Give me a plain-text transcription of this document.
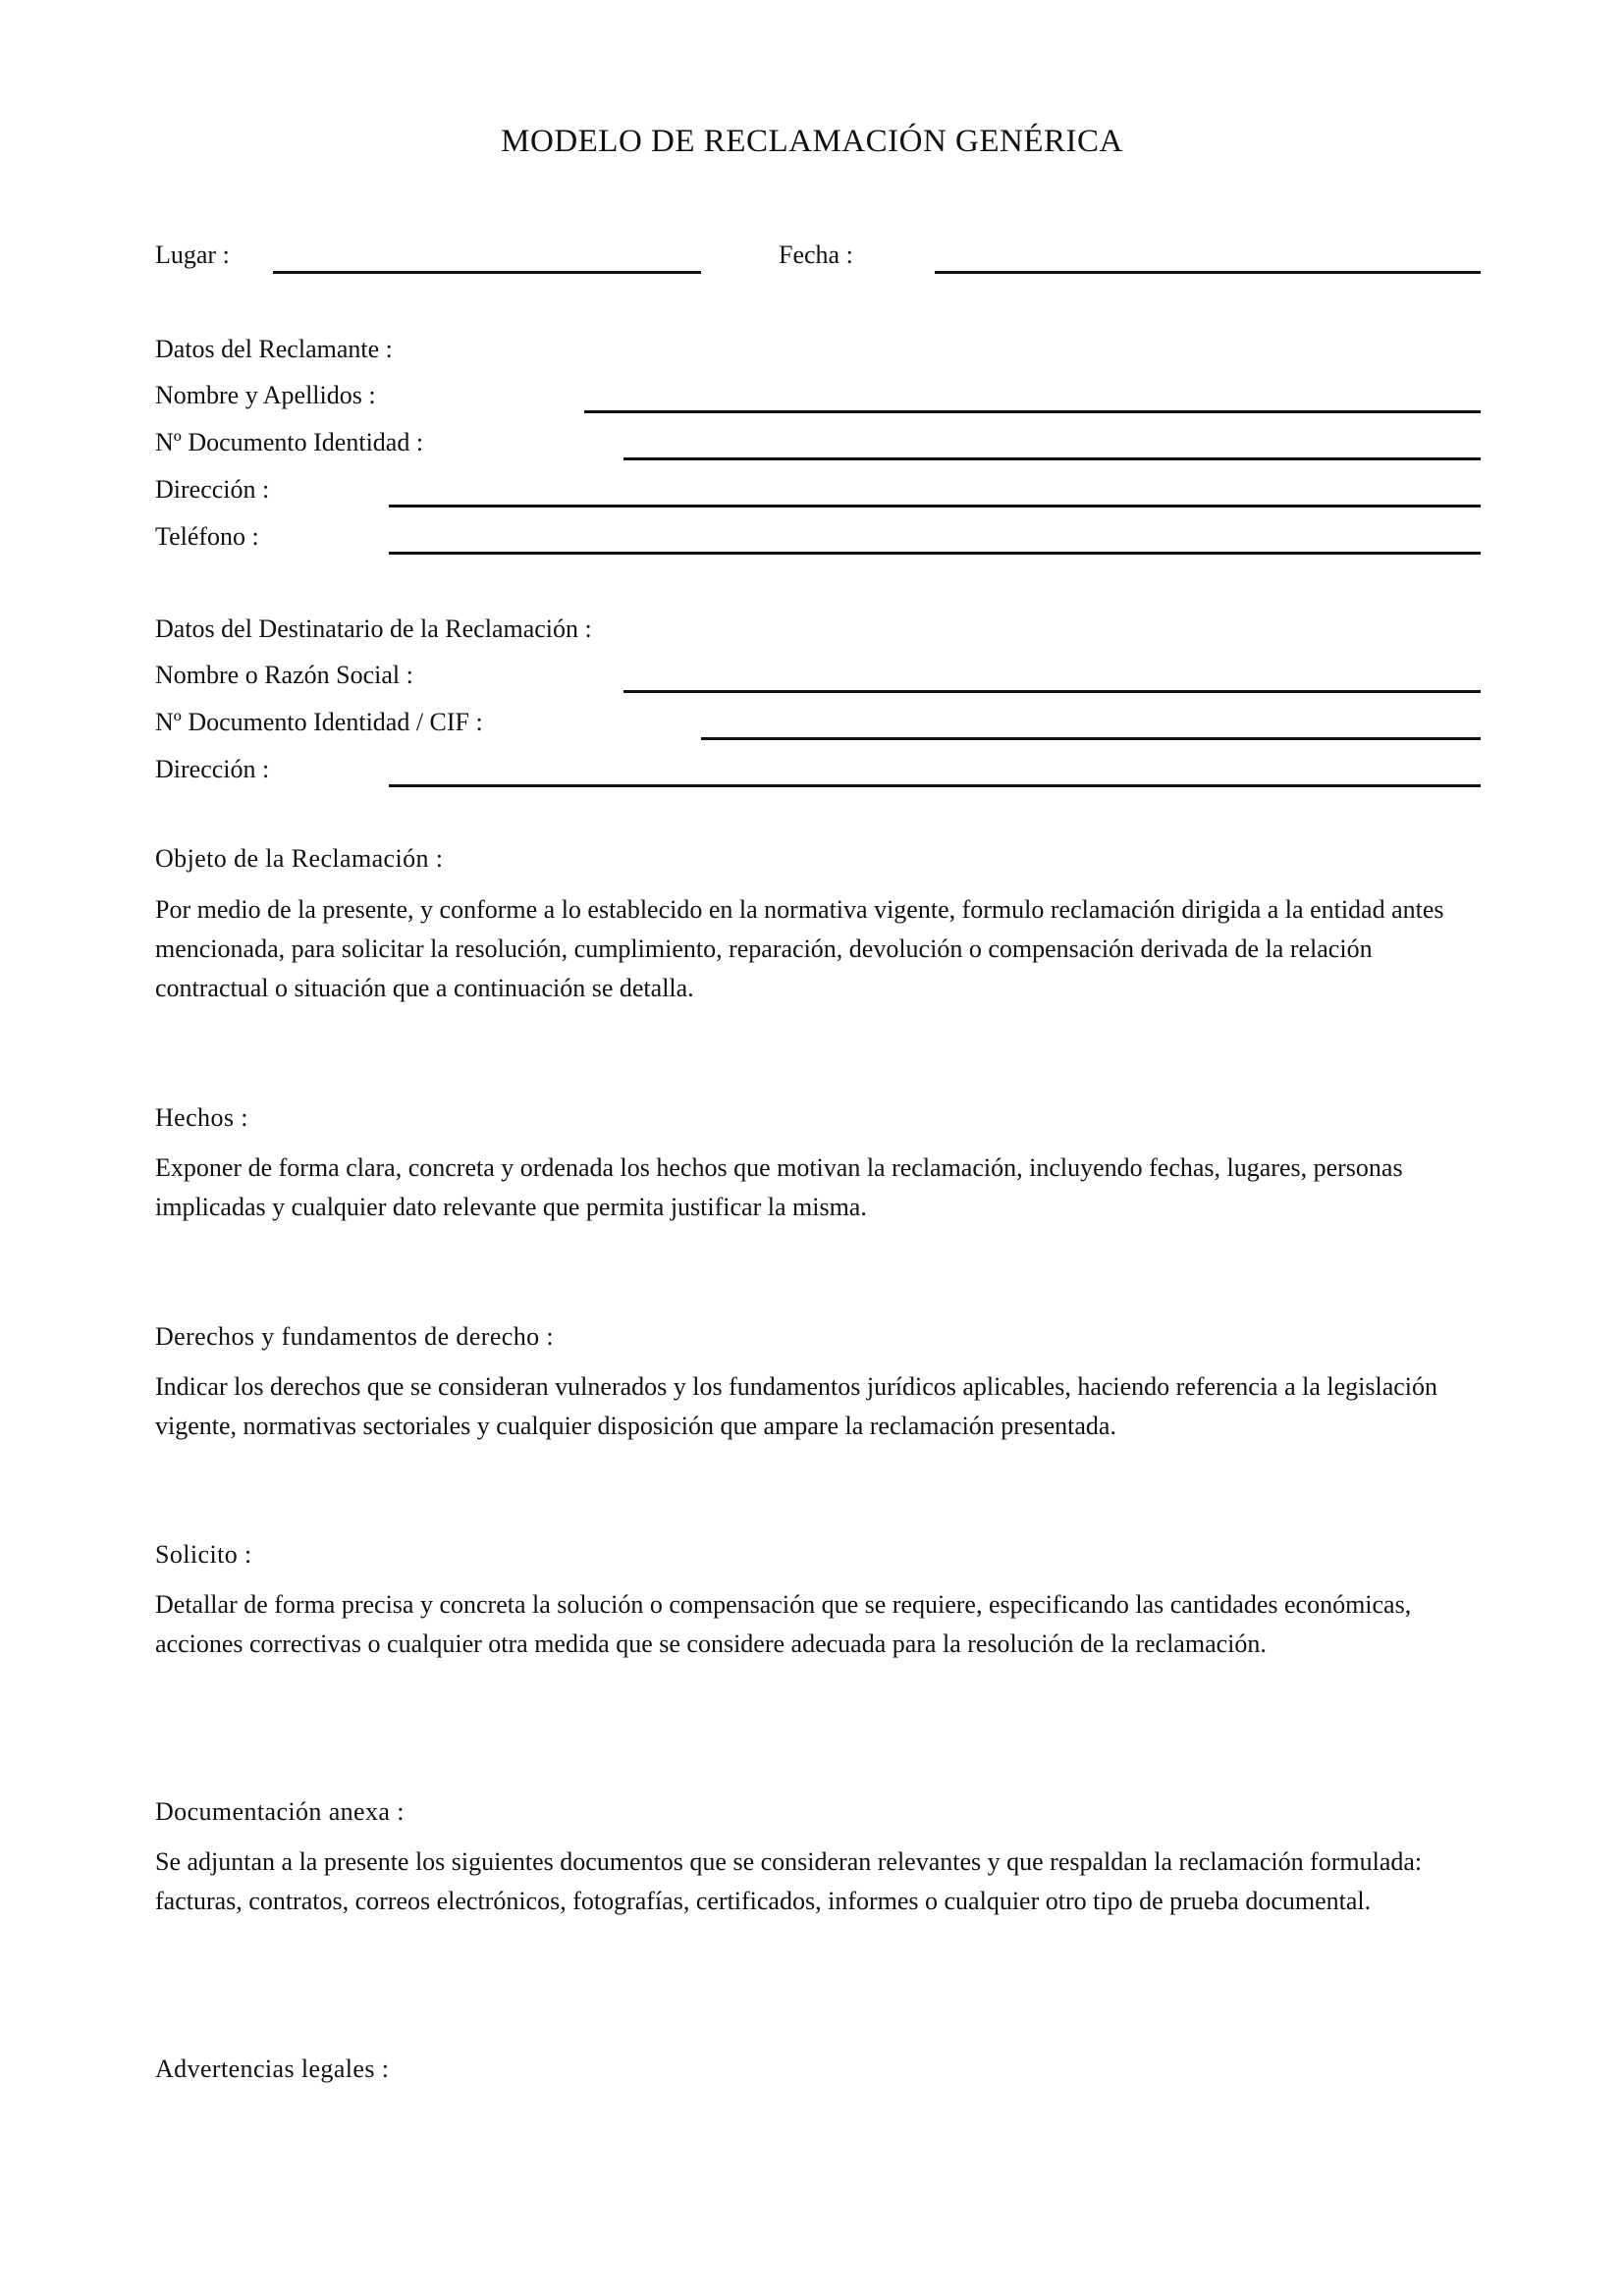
MODELO DE RECLAMACIÓN GENÉRICA
Lugar :	Fecha :
Datos del Reclamante :
Nombre y Apellidos :
Nº Documento Identidad :
Dirección :
Teléfono :
Datos del Destinatario de la Reclamación :
Nombre o Razón Social :
Nº Documento Identidad / CIF :
Dirección :
Objeto de la Reclamación :
Por medio de la presente, y conforme a lo establecido en la normativa vigente, formulo reclamación dirigida a la entidad antes mencionada, para solicitar la resolución, cumplimiento, reparación, devolución o compensación derivada de la relación contractual o situación que a continuación se detalla.
Hechos :
Exponer de forma clara, concreta y ordenada los hechos que motivan la reclamación, incluyendo fechas, lugares, personas implicadas y cualquier dato relevante que permita justificar la misma.
Derechos y fundamentos de derecho :
Indicar los derechos que se consideran vulnerados y los fundamentos jurídicos aplicables, haciendo referencia a la legislación vigente, normativas sectoriales y cualquier disposición que ampare la reclamación presentada.
Solicito :
Detallar de forma precisa y concreta la solución o compensación que se requiere, especificando las cantidades económicas, acciones correctivas o cualquier otra medida que se considere adecuada para la resolución de la reclamación.
Documentación anexa :
Se adjuntan a la presente los siguientes documentos que se consideran relevantes y que respaldan la reclamación formulada: facturas, contratos, correos electrónicos, fotografías, certificados, informes o cualquier otro tipo de prueba documental.
Advertencias legales :
